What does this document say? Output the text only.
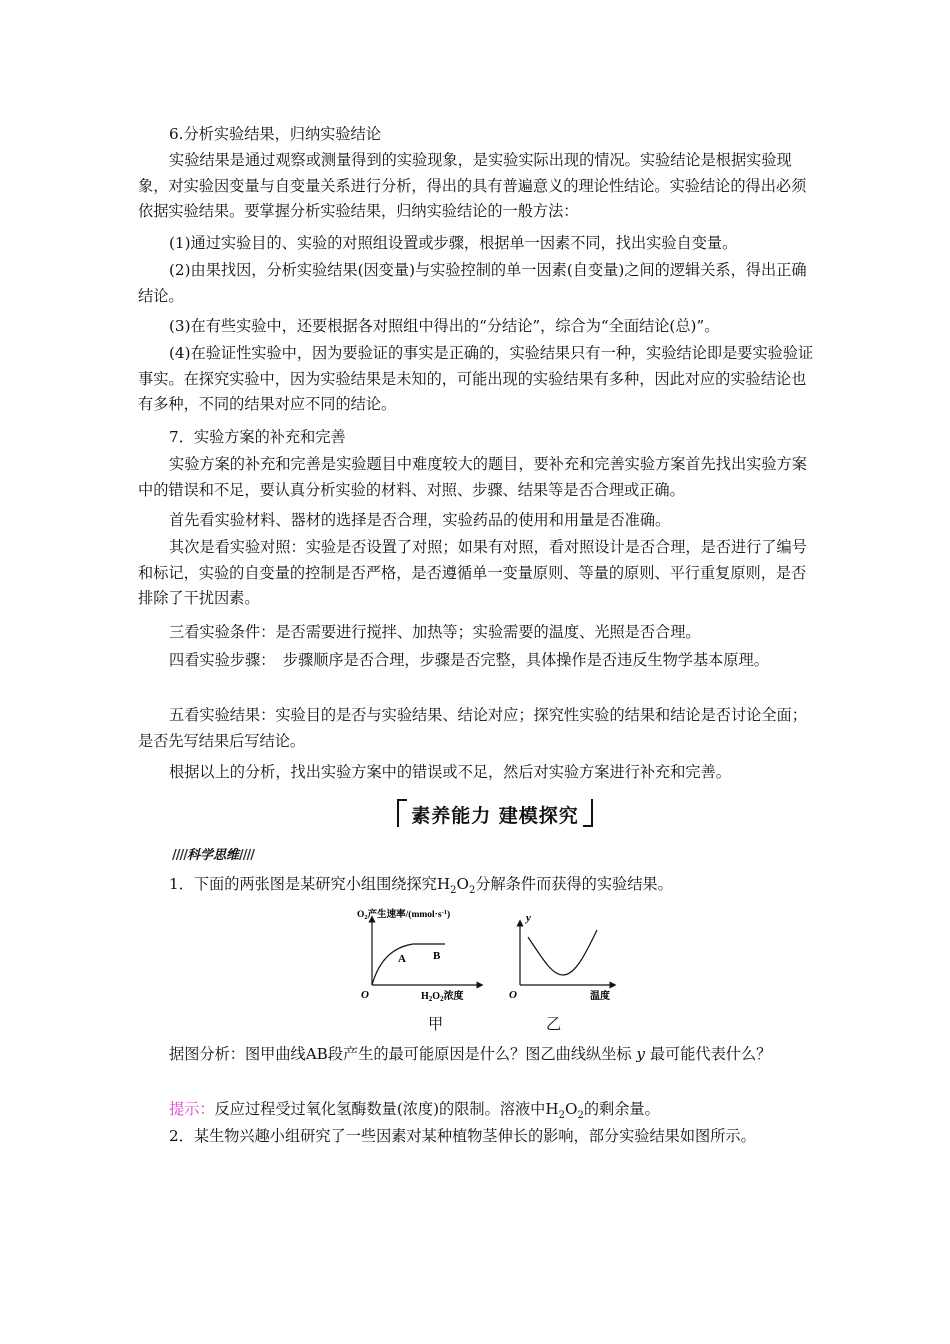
6.分析实验结果，归纳实验结论

实验结果是通过观察或测量得到的实验现象，是实验实际出现的情况。实验结论是根据实验现象，对实验因变量与自变量关系进行分析，得出的具有普遍意义的理论性结论。实验结论的得出必须依据实验结果。要掌握分析实验结果，归纳实验结论的一般方法：

(1)通过实验目的、实验的对照组设置或步骤，根据单一因素不同，找出实验自变量。

(2)由果找因，分析实验结果(因变量)与实验控制的单一因素(自变量)之间的逻辑关系，得出正确结论。

(3)在有些实验中，还要根据各对照组中得出的“分结论”，综合为“全面结论(总)”。

(4)在验证性实验中，因为要验证的事实是正确的，实验结果只有一种，实验结论即是要实验验证事实。在探究实验中，因为实验结果是未知的，可能出现的实验结果有多种，因此对应的实验结论也有多种，不同的结果对应不同的结论。

7．实验方案的补充和完善

实验方案的补充和完善是实验题目中难度较大的题目，要补充和完善实验方案首先找出实验方案中的错误和不足，要认真分析实验的材料、对照、步骤、结果等是否合理或正确。

首先看实验材料、器材的选择是否合理，实验药品的使用和用量是否准确。

其次是看实验对照：实验是否设置了对照；如果有对照，看对照设计是否合理，是否进行了编号和标记，实验的自变量的控制是否严格，是否遵循单一变量原则、等量的原则、平行重复原则，是否排除了干扰因素。

三看实验条件：是否需要进行搅拌、加热等；实验需要的温度、光照是否合理。

四看实验步骤：　步骤顺序是否合理，步骤是否完整，具体操作是否违反生物学基本原理。

五看实验结果：实验目的是否与实验结果、结论对应；探究性实验的结果和结论是否讨论全面；是否先写结果后写结论。

根据以上的分析，找出实验方案中的错误或不足，然后对实验方案进行补充和完善。

素养能力 建模探究
////科学思维////

1．下面的两张图是某研究小组围绕探究$H_2O_2$分解条件而获得的实验结果。

$O_2$产生速率$/(mmol\cdot s^{-1})$
O
A B
$H_2O_2$浓度
甲
y
O	温度
乙

据图分析：图甲曲线AB段产生的最可能原因是什么？图乙曲线纵坐标 y 最可能代表什么？

提示：反应过程受过氧化氢酶数量(浓度)的限制。溶液中$H_2O_2$的剩余量。

2．某生物兴趣小组研究了一些因素对某种植物茎伸长的影响，部分实验结果如图所示。
